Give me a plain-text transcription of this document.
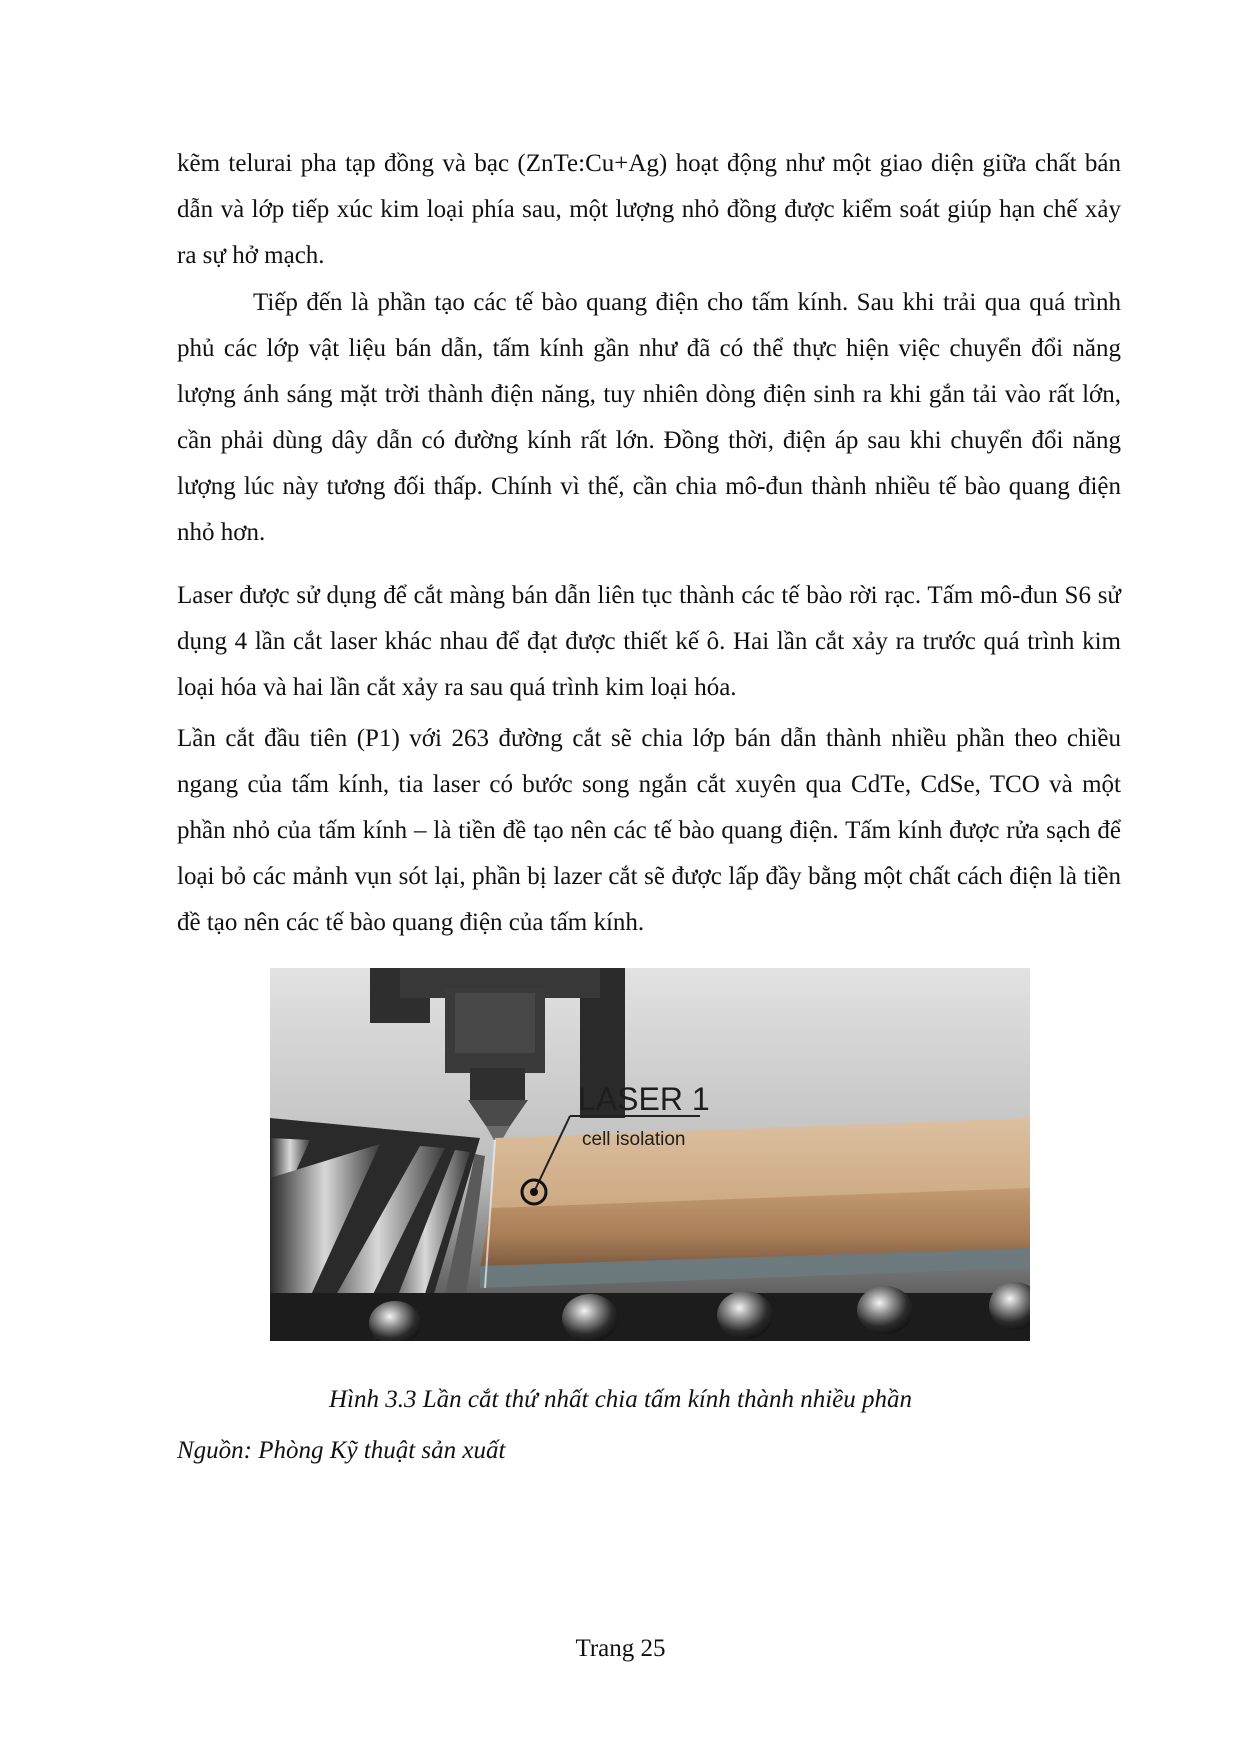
kẽm telurai pha tạp đồng và bạc (ZnTe:Cu+Ag) hoạt động như một giao diện giữa chất bán dẫn và lớp tiếp xúc kim loại phía sau, một lượng nhỏ đồng được kiểm soát giúp hạn chế xảy ra sự hở mạch.

Tiếp đến là phần tạo các tế bào quang điện cho tấm kính. Sau khi trải qua quá trình phủ các lớp vật liệu bán dẫn, tấm kính gần như đã có thể thực hiện việc chuyển đổi năng lượng ánh sáng mặt trời thành điện năng, tuy nhiên dòng điện sinh ra khi gắn tải vào rất lớn, cần phải dùng dây dẫn có đường kính rất lớn. Đồng thời, điện áp sau khi chuyển đổi năng lượng lúc này tương đối thấp. Chính vì thế, cần chia mô-đun thành nhiều tế bào quang điện nhỏ hơn.

Laser được sử dụng để cắt màng bán dẫn liên tục thành các tế bào rời rạc. Tấm mô-đun S6 sử dụng 4 lần cắt laser khác nhau để đạt được thiết kế ô. Hai lần cắt xảy ra trước quá trình kim loại hóa và hai lần cắt xảy ra sau quá trình kim loại hóa.

Lần cắt đầu tiên (P1) với 263 đường cắt sẽ chia lớp bán dẫn thành nhiều phần theo chiều ngang của tấm kính, tia laser có bước song ngắn cắt xuyên qua CdTe, CdSe, TCO và một phần nhỏ của tấm kính – là tiền đề tạo nên các tế bào quang điện. Tấm kính được rửa sạch để loại bỏ các mảnh vụn sót lại, phần bị lazer cắt sẽ được lấp đầy bằng một chất cách điện là tiền đề tạo nên các tế bào quang điện của tấm kính.

LASER 1
cell isolation

Hình 3.3 Lần cắt thứ nhất chia tấm kính thành nhiều phần

Nguồn: Phòng Kỹ thuật sản xuất

Trang 25
